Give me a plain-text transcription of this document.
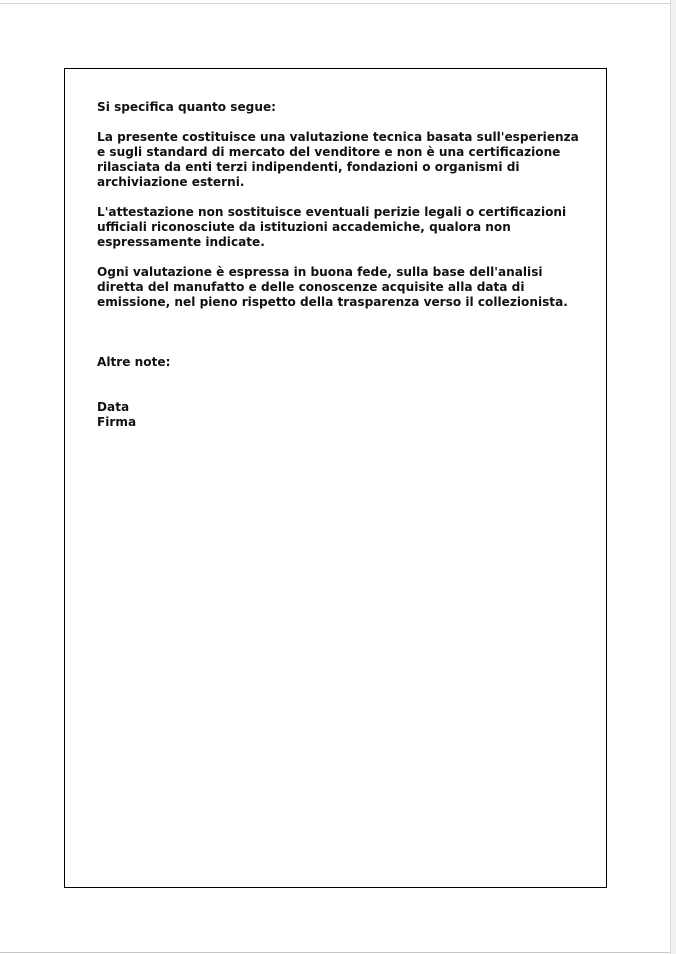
Si specifica quanto segue:

La presente costituisce una valutazione tecnica basata sull'esperienza
e sugli standard di mercato del venditore e non è una certificazione
rilasciata da enti terzi indipendenti, fondazioni o organismi di
archiviazione esterni.

L'attestazione non sostituisce eventuali perizie legali o certificazioni
ufficiali riconosciute da istituzioni accademiche, qualora non
espressamente indicate.

Ogni valutazione è espressa in buona fede, sulla base dell'analisi
diretta del manufatto e delle conoscenze acquisite alla data di
emissione, nel pieno rispetto della trasparenza verso il collezionista.

Altre note:

Data

Firma
